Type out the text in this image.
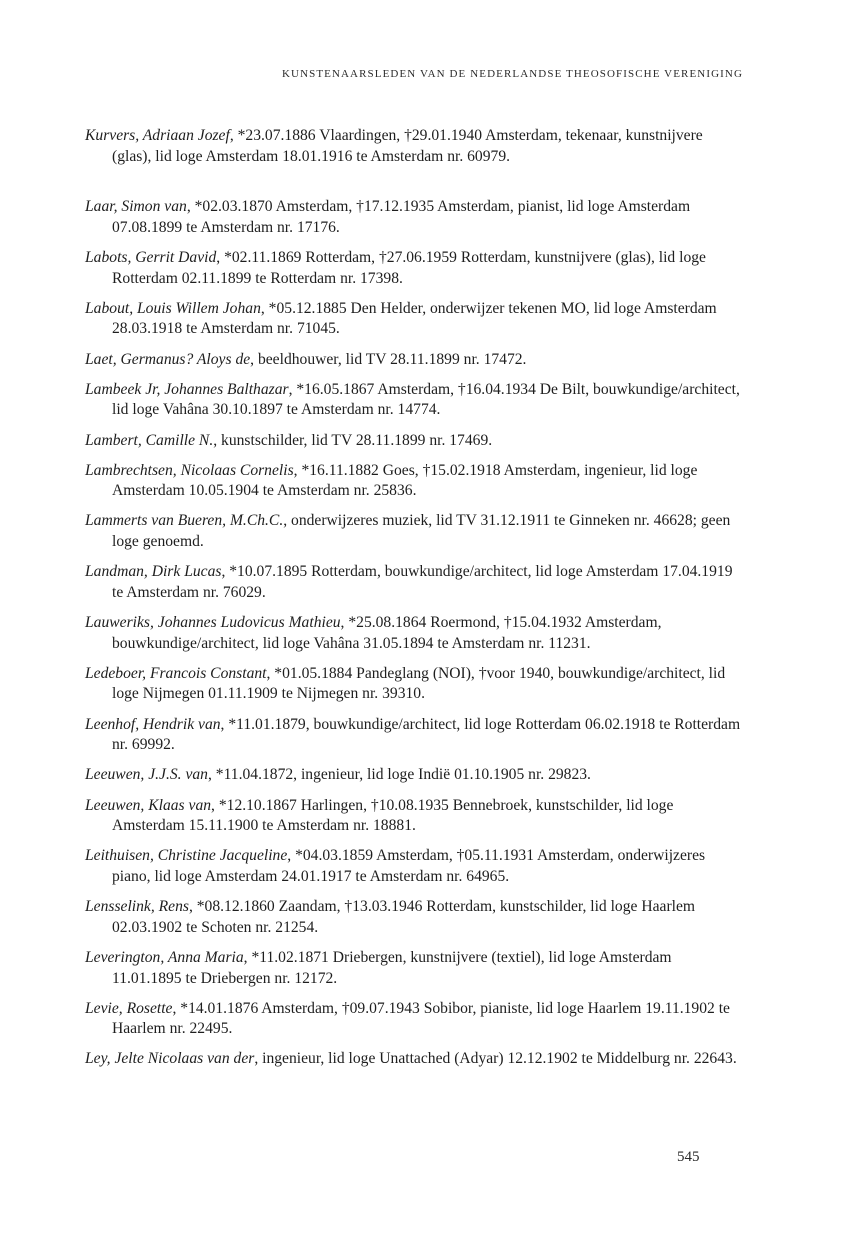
KUNSTENAARSLEDEN VAN DE NEDERLANDSE THEOSOFISCHE VERENIGING

Kurvers, Adriaan Jozef, *23.07.1886 Vlaardingen, †29.01.1940 Amsterdam, tekenaar, kunstnijvere (glas), lid loge Amsterdam 18.01.1916 te Amsterdam nr. 60979.

Laar, Simon van, *02.03.1870 Amsterdam, †17.12.1935 Amsterdam, pianist, lid loge Amsterdam 07.08.1899 te Amsterdam nr. 17176.

Labots, Gerrit David, *02.11.1869 Rotterdam, †27.06.1959 Rotterdam, kunstnijvere (glas), lid loge Rotterdam 02.11.1899 te Rotterdam nr. 17398.

Labout, Louis Willem Johan, *05.12.1885 Den Helder, onderwijzer tekenen MO, lid loge Amsterdam 28.03.1918 te Amsterdam nr. 71045.

Laet, Germanus? Aloys de, beeldhouwer, lid TV 28.11.1899 nr. 17472.

Lambeek Jr, Johannes Balthazar, *16.05.1867 Amsterdam, †16.04.1934 De Bilt, bouwkundige/architect, lid loge Vahâna 30.10.1897 te Amsterdam nr. 14774.

Lambert, Camille N., kunstschilder, lid TV 28.11.1899 nr. 17469.

Lambrechtsen, Nicolaas Cornelis, *16.11.1882 Goes, †15.02.1918 Amsterdam, ingenieur, lid loge Amsterdam 10.05.1904 te Amsterdam nr. 25836.

Lammerts van Bueren, M.Ch.C., onderwijzeres muziek, lid TV 31.12.1911 te Ginneken nr. 46628; geen loge genoemd.

Landman, Dirk Lucas, *10.07.1895 Rotterdam, bouwkundige/architect, lid loge Amsterdam 17.04.1919 te Amsterdam nr. 76029.

Lauweriks, Johannes Ludovicus Mathieu, *25.08.1864 Roermond, †15.04.1932 Amsterdam, bouwkundige/architect, lid loge Vahâna 31.05.1894 te Amsterdam nr. 11231.

Ledeboer, Francois Constant, *01.05.1884 Pandeglang (NOI), †voor 1940, bouwkundige/architect, lid loge Nijmegen 01.11.1909 te Nijmegen nr. 39310.

Leenhof, Hendrik van, *11.01.1879, bouwkundige/architect, lid loge Rotterdam 06.02.1918 te Rotterdam nr. 69992.

Leeuwen, J.J.S. van, *11.04.1872, ingenieur, lid loge Indië 01.10.1905 nr. 29823.

Leeuwen, Klaas van, *12.10.1867 Harlingen, †10.08.1935 Bennebroek, kunstschilder, lid loge Amsterdam 15.11.1900 te Amsterdam nr. 18881.

Leithuisen, Christine Jacqueline, *04.03.1859 Amsterdam, †05.11.1931 Amsterdam, onderwijzeres piano, lid loge Amsterdam 24.01.1917 te Amsterdam nr. 64965.

Lensselink, Rens, *08.12.1860 Zaandam, †13.03.1946 Rotterdam, kunstschilder, lid loge Haarlem 02.03.1902 te Schoten nr. 21254.

Leverington, Anna Maria, *11.02.1871 Driebergen, kunstnijvere (textiel), lid loge Amsterdam 11.01.1895 te Driebergen nr. 12172.

Levie, Rosette, *14.01.1876 Amsterdam, †09.07.1943 Sobibor, pianiste, lid loge Haarlem 19.11.1902 te Haarlem nr. 22495.

Ley, Jelte Nicolaas van der, ingenieur, lid loge Unattached (Adyar) 12.12.1902 te Middelburg nr. 22643.

545
